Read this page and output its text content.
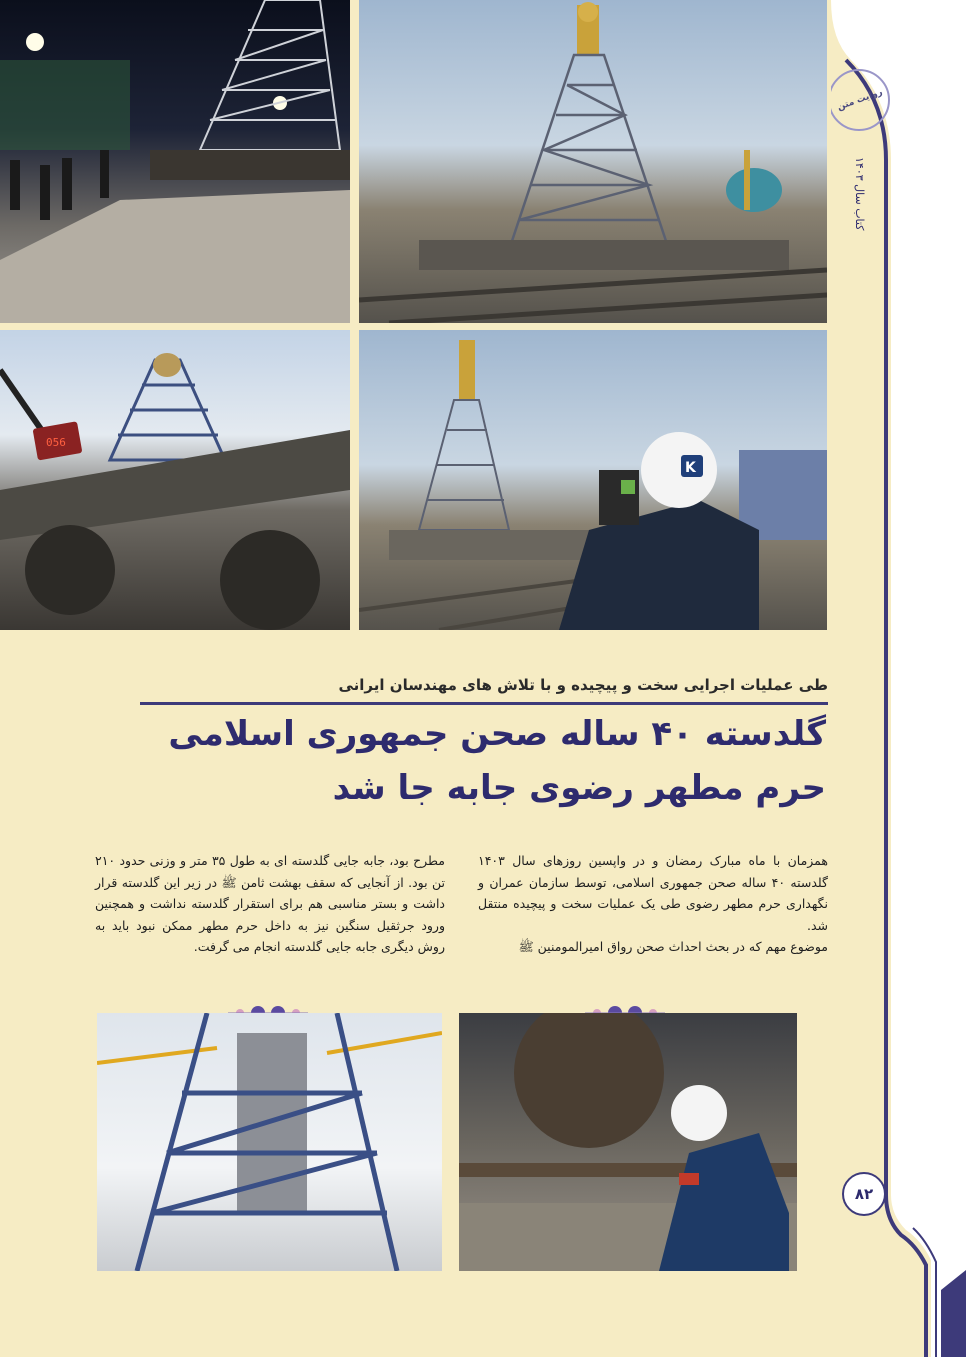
056
K
طی عملیات اجرایی سخت و پیچیده و با تلاش های مهندسان ایرانی
گلدسته ۴۰ ساله صحن جمهوری اسلامی
حرم مطهر رضوی جابه جا شد

همزمان با ماه مبارک رمضان و در واپسین روزهای سال ۱۴۰۳ گلدسته ۴۰ ساله صحن جمهوری اسلامی، توسط سازمان عمران و نگهداری حرم مطهر رضوی طی یک عملیات سخت و پیچیده منتقل شد.

موضوع مهم که در بحث احداث صحن رواق امیرالمومنین ﷺ

مطرح بود، جابه جایی گلدسته ای به طول ۳۵ متر و وزنی حدود ۲۱۰ تن بود. از آنجایی که سقف بهشت ثامن ﷺ در زیر این گلدسته قرار داشت و بستر مناسبی هم برای استقرار گلدسته نداشت و همچنین ورود جرثقیل سنگین نیز به داخل حرم مطهر ممکن نبود باید به روش دیگری جابه جایی گلدسته انجام می گرفت.

روایت متن
کتاب سال ۱۴۰۳
۸۲
